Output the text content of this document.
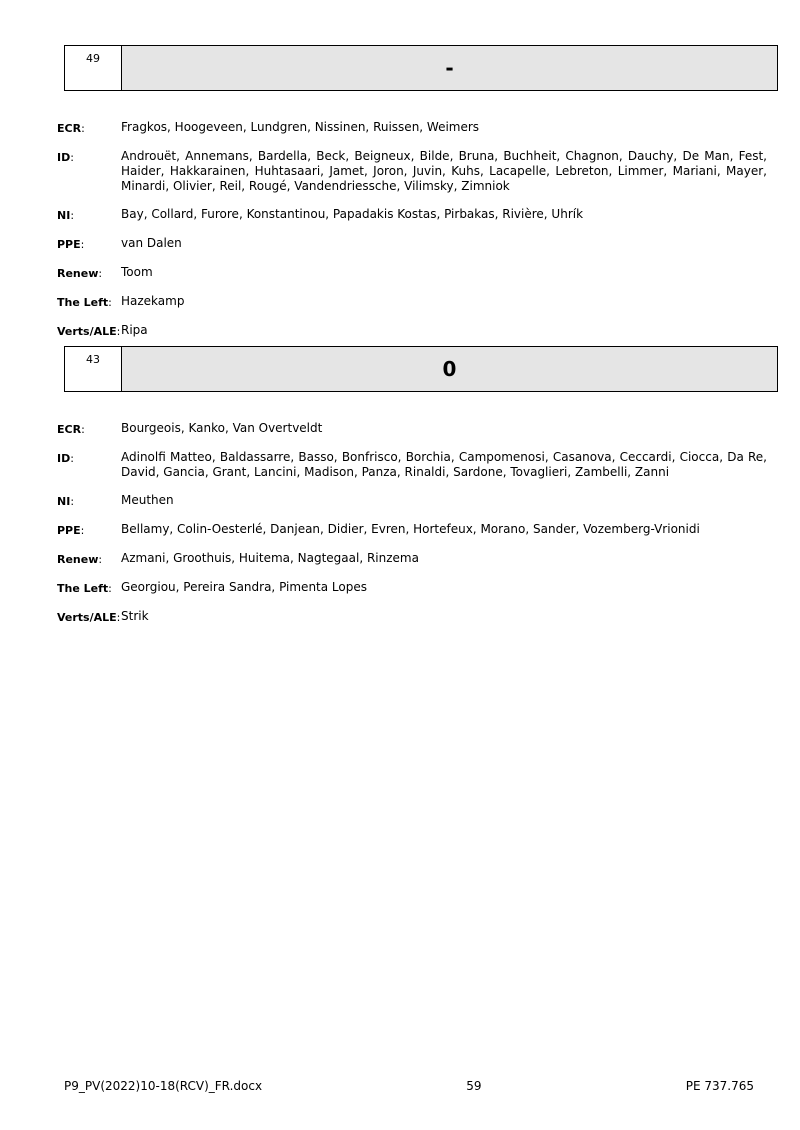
49	-
ECR:	Fragkos, Hoogeveen, Lundgren, Nissinen, Ruissen, Weimers
ID:	Androuët, Annemans, Bardella, Beck, Beigneux, Bilde, Bruna, Buchheit, Chagnon, Dauchy, De Man, Fest, Haider, Hakkarainen, Huhtasaari, Jamet, Joron, Juvin, Kuhs, Lacapelle, Lebreton, Limmer, Mariani, Mayer, Minardi, Olivier, Reil, Rougé, Vandendriessche, Vilimsky, Zimniok
NI:	Bay, Collard, Furore, Konstantinou, Papadakis Kostas, Pirbakas, Rivière, Uhrík
PPE:	van Dalen
Renew:	Toom
The Left: Hazekamp
Verts/ALE: Ripa
43	0
ECR:	Bourgeois, Kanko, Van Overtveldt
ID:	Adinolfi Matteo, Baldassarre, Basso, Bonfrisco, Borchia, Campomenosi, Casanova, Ceccardi, Ciocca, Da Re, David, Gancia, Grant, Lancini, Madison, Panza, Rinaldi, Sardone, Tovaglieri, Zambelli, Zanni
NI:	Meuthen
PPE:	Bellamy, Colin-Oesterlé, Danjean, Didier, Evren, Hortefeux, Morano, Sander, Vozemberg-Vrionidi
Renew:	Azmani, Groothuis, Huitema, Nagtegaal, Rinzema
The Left: Georgiou, Pereira Sandra, Pimenta Lopes
Verts/ALE: Strik
P9_PV(2022)10-18(RCV)_FR.docx	59	PE 737.765
